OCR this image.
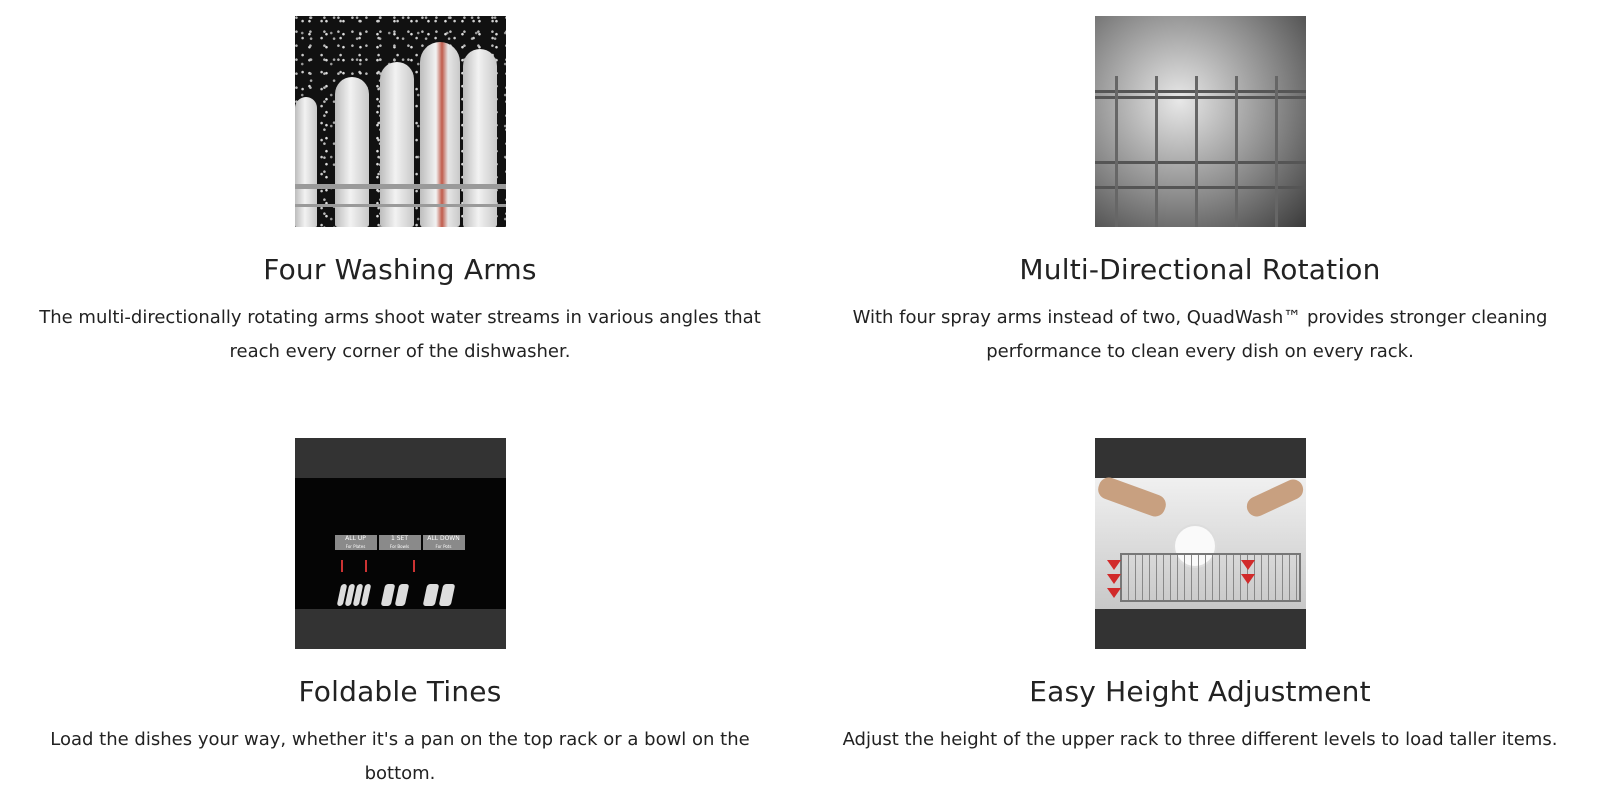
Four Washing Arms

The multi-directionally rotating arms shoot water streams in various angles that reach every corner of the dishwasher.

Multi-Directional Rotation

With four spray arms instead of two, QuadWash™ provides stronger cleaning performance to clean every dish on every rack.

ALL UP
For Plates
1 SET
For Bowls
ALL DOWN
For Pots
Foldable Tines

Load the dishes your way, whether it's a pan on the top rack or a bowl on the bottom.

Easy Height Adjustment

Adjust the height of the upper rack to three different levels to load taller items.
